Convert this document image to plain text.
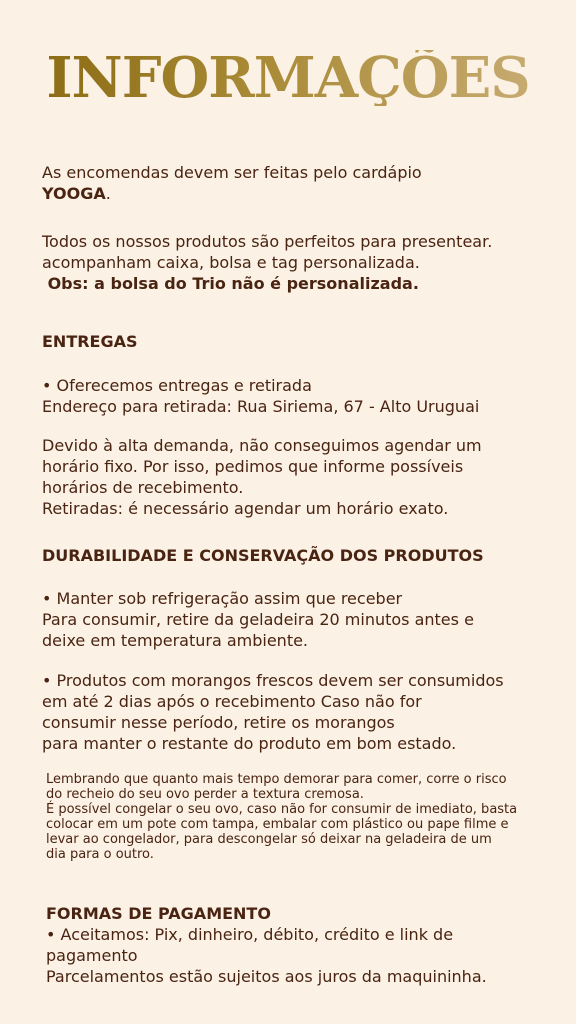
INFORMAÇÕES
As encomendas devem ser feitas pelo cardápio
YOOGA.
Todos os nossos produtos são perfeitos para presentear.
acompanham caixa, bolsa e tag personalizada.
Obs: a bolsa do Trio não é personalizada.
ENTREGAS
• Oferecemos entregas e retirada
Endereço para retirada: Rua Siriema, 67 - Alto Uruguai
Devido à alta demanda, não conseguimos agendar um
horário fixo. Por isso, pedimos que informe possíveis
horários de recebimento.
Retiradas: é necessário agendar um horário exato.
DURABILIDADE E CONSERVAÇÃO DOS PRODUTOS
• Manter sob refrigeração assim que receber
Para consumir, retire da geladeira 20 minutos antes e
deixe em temperatura ambiente.
• Produtos com morangos frescos devem ser consumidos
em até 2 dias após o recebimento Caso não for
consumir nesse período, retire os morangos
para manter o restante do produto em bom estado.
Lembrando que quanto mais tempo demorar para comer, corre o risco
do recheio do seu ovo perder a textura cremosa.
É possível congelar o seu ovo, caso não for consumir de imediato, basta
colocar em um pote com tampa, embalar com plástico ou pape filme e
levar ao congelador, para descongelar só deixar na geladeira de um
dia para o outro.
FORMAS DE PAGAMENTO
• Aceitamos: Pix, dinheiro, débito, crédito e link de
pagamento
Parcelamentos estão sujeitos aos juros da maquininha.
